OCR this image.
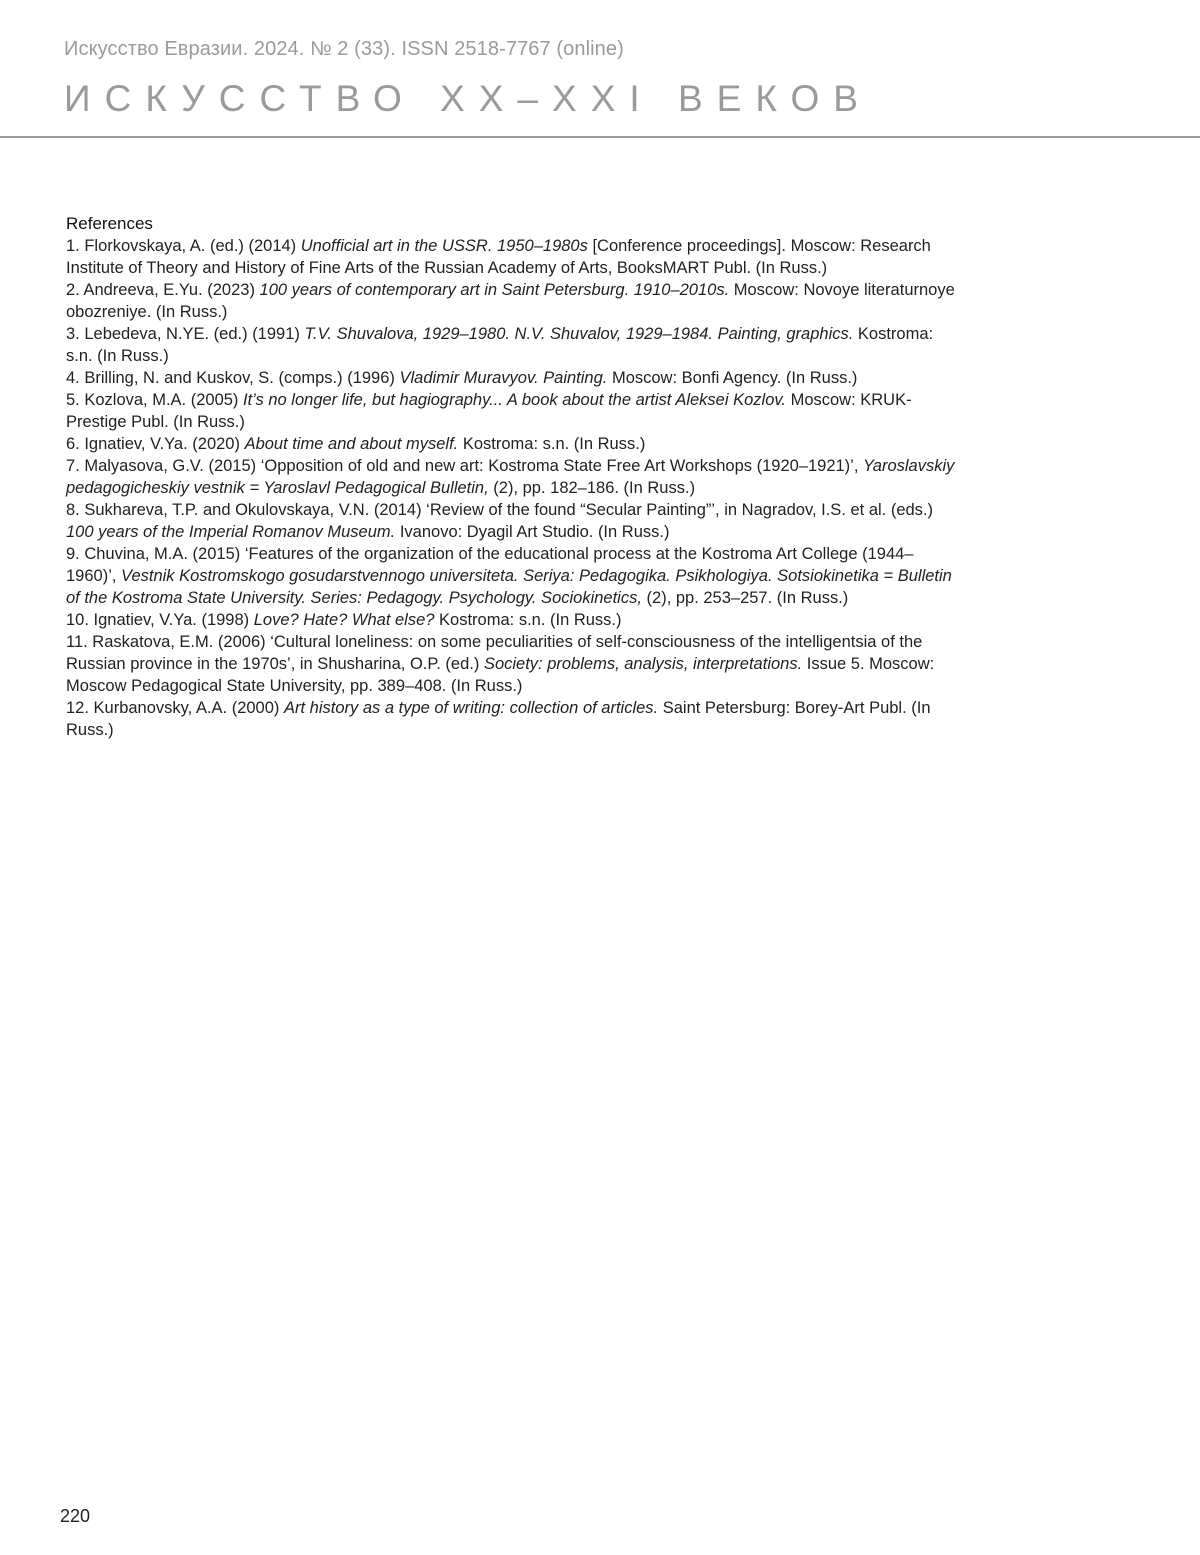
Искусство Евразии. 2024. № 2 (33). ISSN 2518-7767 (online)
ИСКУССТВО XX–XXI ВЕКОВ
References
1. Florkovskaya, A. (ed.) (2014) Unofficial art in the USSR. 1950–1980s [Conference proceedings]. Moscow: Research Institute of Theory and History of Fine Arts of the Russian Academy of Arts, BooksMART Publ. (In Russ.)
2. Andreeva, E.Yu. (2023) 100 years of contemporary art in Saint Petersburg. 1910–2010s. Moscow: Novoye literaturnoye obozreniye. (In Russ.)
3. Lebedeva, N.YE. (ed.) (1991) T.V. Shuvalova, 1929–1980. N.V. Shuvalov, 1929–1984. Painting, graphics. Kostroma: s.n. (In Russ.)
4. Brilling, N. and Kuskov, S. (comps.) (1996) Vladimir Muravyov. Painting. Moscow: Bonfi Agency. (In Russ.)
5. Kozlova, M.A. (2005) It’s no longer life, but hagiography... A book about the artist Aleksei Kozlov. Moscow: KRUK-Prestige Publ. (In Russ.)
6. Ignatiev, V.Ya. (2020) About time and about myself. Kostroma: s.n. (In Russ.)
7. Malyasova, G.V. (2015) ‘Opposition of old and new art: Kostroma State Free Art Workshops (1920–1921)’, Yaroslavskiy pedagogicheskiy vestnik = Yaroslavl Pedagogical Bulletin, (2), pp. 182–186. (In Russ.)
8. Sukhareva, T.P. and Okulovskaya, V.N. (2014) ‘Review of the found “Secular Painting”’, in Nagradov, I.S. et al. (eds.) 100 years of the Imperial Romanov Museum. Ivanovo: Dyagil Art Studio. (In Russ.)
9. Chuvina, M.A. (2015) ‘Features of the organization of the educational process at the Kostroma Art College (1944–1960)’, Vestnik Kostromskogo gosudarstvennogo universiteta. Seriya: Pedagogika. Psikhologiya. Sotsiokinetika = Bulletin of the Kostroma State University. Series: Pedagogy. Psychology. Sociokinetics, (2), pp. 253–257. (In Russ.)
10. Ignatiev, V.Ya. (1998) Love? Hate? What else? Kostroma: s.n. (In Russ.)
11. Raskatova, E.M. (2006) ‘Cultural loneliness: on some peculiarities of self-consciousness of the intelligentsia of the Russian province in the 1970s’, in Shusharina, O.P. (ed.) Society: problems, analysis, interpretations. Issue 5. Moscow: Moscow Pedagogical State University, pp. 389–408. (In Russ.)
12. Kurbanovsky, A.A. (2000) Art history as a type of writing: collection of articles. Saint Petersburg: Borey-Art Publ. (In Russ.)
220
